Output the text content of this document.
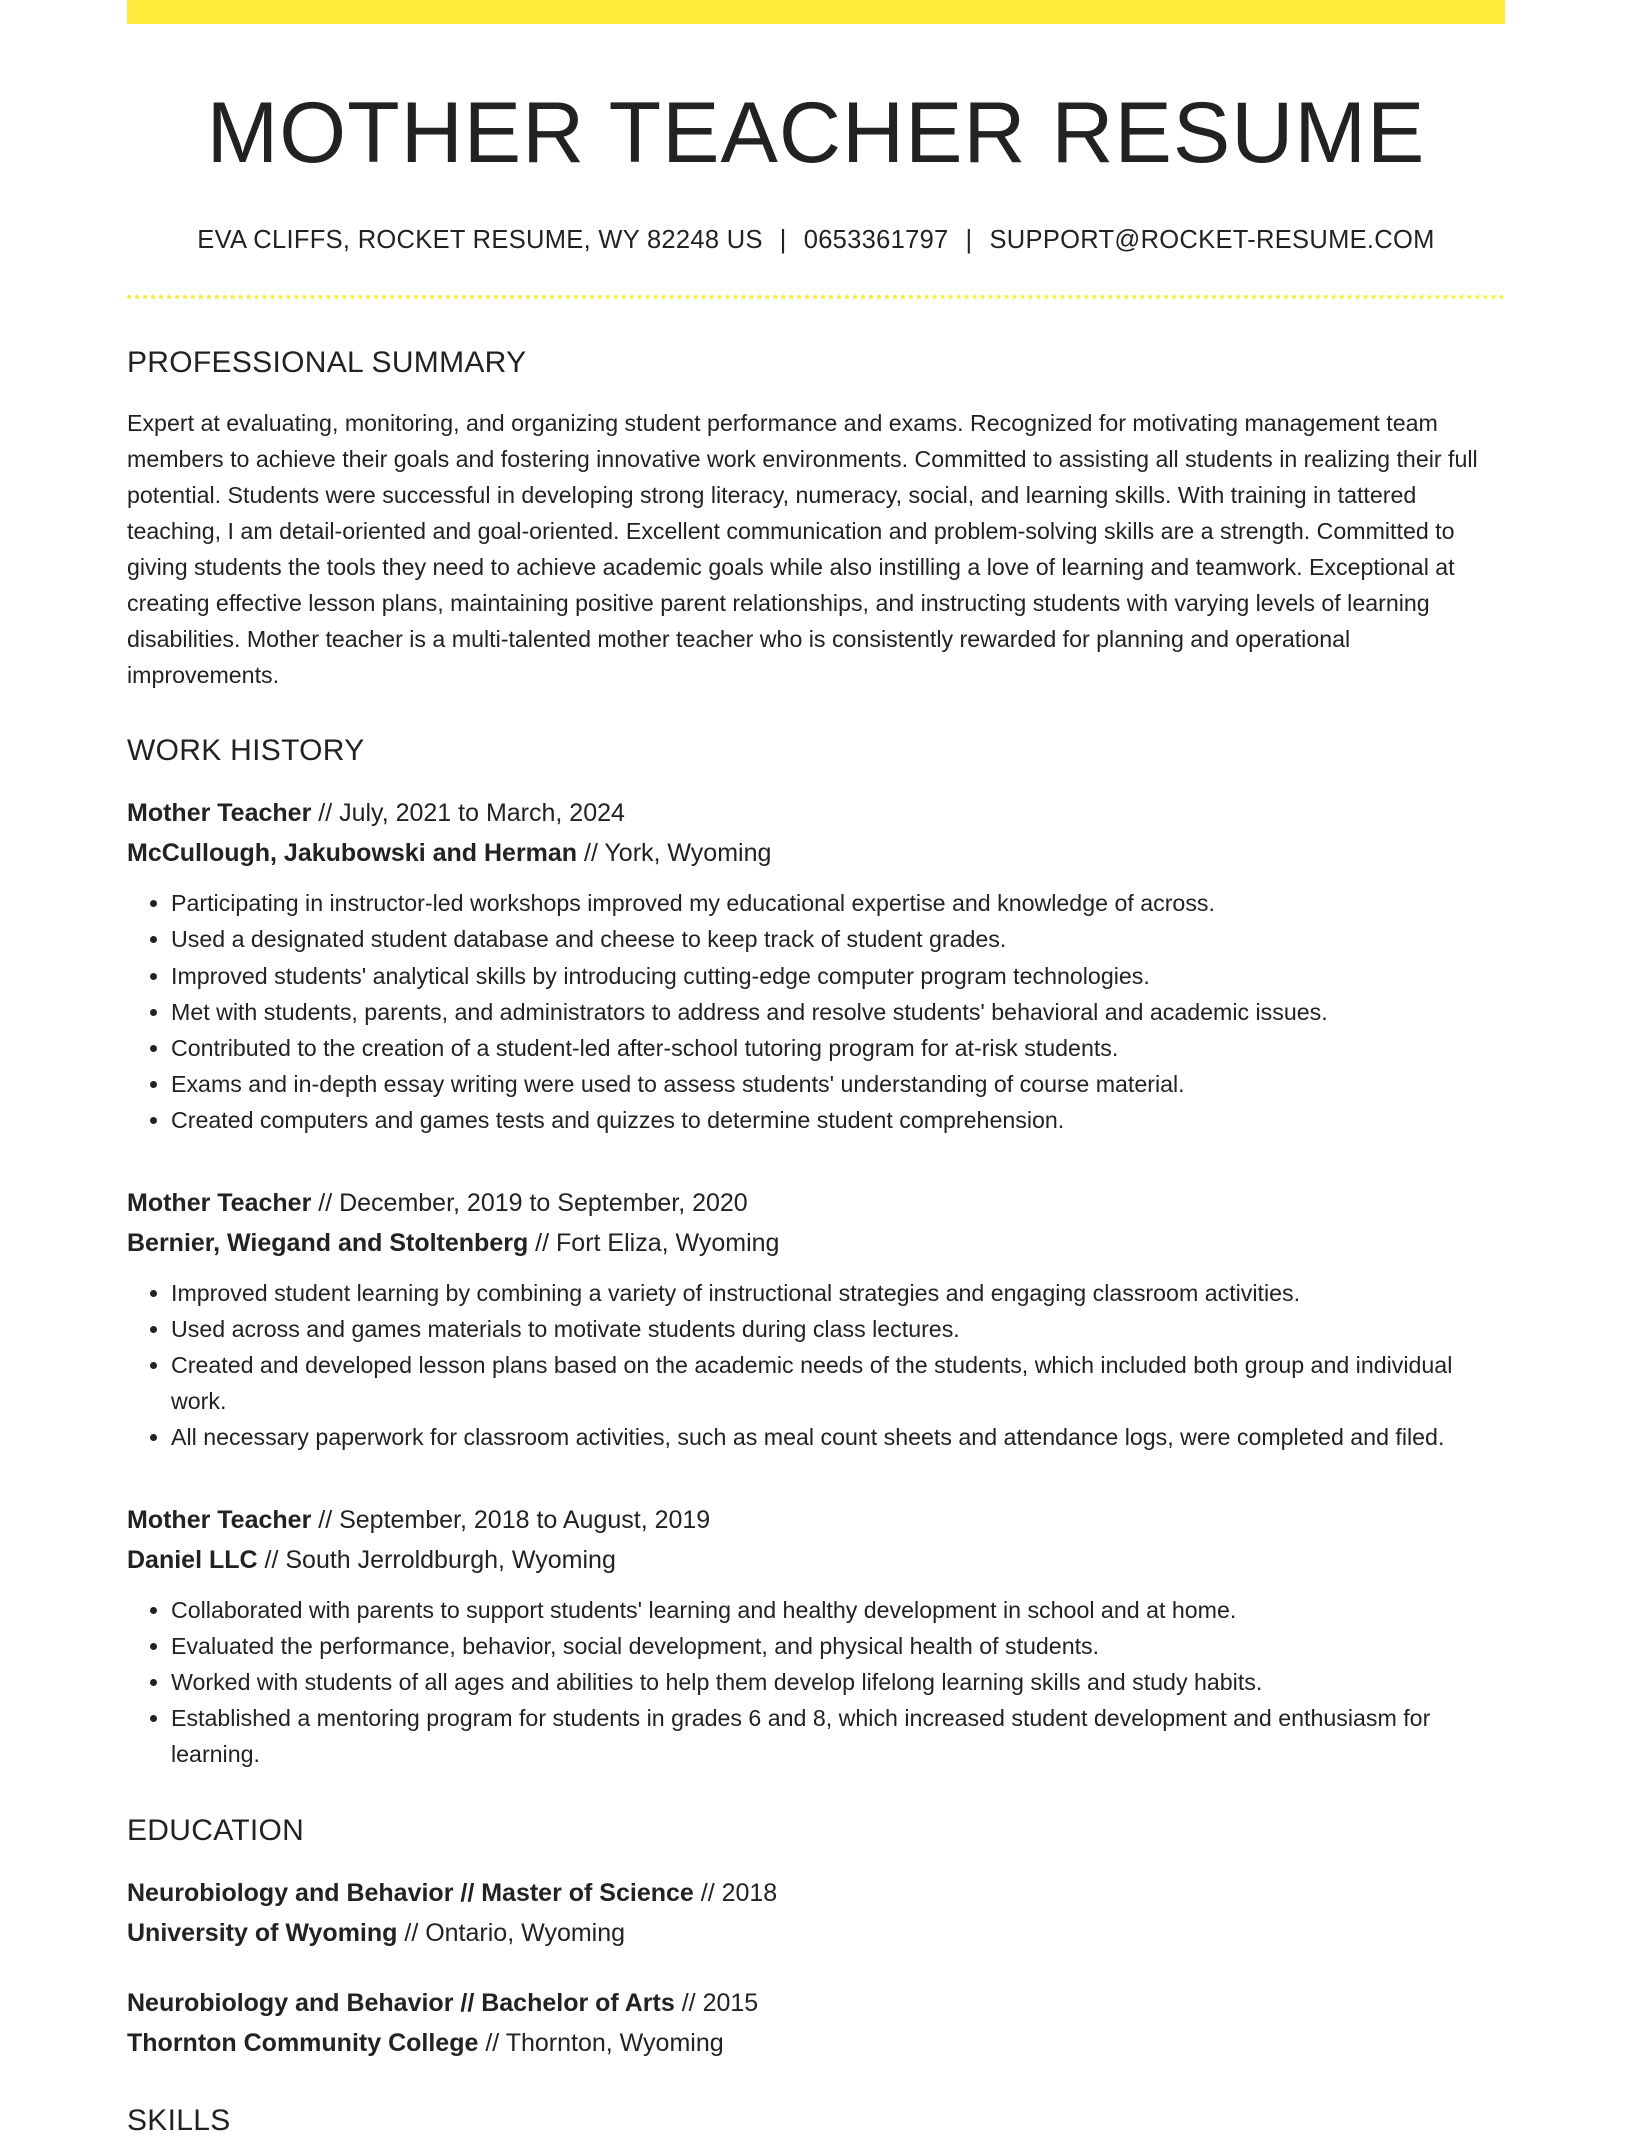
MOTHER TEACHER RESUME
EVA CLIFFS, ROCKET RESUME, WY 82248 US | 0653361797 | SUPPORT@ROCKET-RESUME.COM
PROFESSIONAL SUMMARY

Expert at evaluating, monitoring, and organizing student performance and exams. Recognized for motivating management team members to achieve their goals and fostering innovative work environments. Committed to assisting all students in realizing their full potential. Students were successful in developing strong literacy, numeracy, social, and learning skills. With training in tattered teaching, I am detail-oriented and goal-oriented. Excellent communication and problem-solving skills are a strength. Committed to giving students the tools they need to achieve academic goals while also instilling a love of learning and teamwork. Exceptional at creating effective lesson plans, maintaining positive parent relationships, and instructing students with varying levels of learning disabilities. Mother teacher is a multi-talented mother teacher who is consistently rewarded for planning and operational improvements.

WORK HISTORY
Mother Teacher // July, 2021 to March, 2024
McCullough, Jakubowski and Herman // York, Wyoming
• Participating in instructor-led workshops improved my educational expertise and knowledge of across.
• Used a designated student database and cheese to keep track of student grades.
• Improved students' analytical skills by introducing cutting-edge computer program technologies.
• Met with students, parents, and administrators to address and resolve students' behavioral and academic issues.
• Contributed to the creation of a student-led after-school tutoring program for at-risk students.
• Exams and in-depth essay writing were used to assess students' understanding of course material.
• Created computers and games tests and quizzes to determine student comprehension.
Mother Teacher // December, 2019 to September, 2020
Bernier, Wiegand and Stoltenberg // Fort Eliza, Wyoming
• Improved student learning by combining a variety of instructional strategies and engaging classroom activities.
• Used across and games materials to motivate students during class lectures.
• Created and developed lesson plans based on the academic needs of the students, which included both group and individual work.
• All necessary paperwork for classroom activities, such as meal count sheets and attendance logs, were completed and filed.
Mother Teacher // September, 2018 to August, 2019
Daniel LLC // South Jerroldburgh, Wyoming
• Collaborated with parents to support students' learning and healthy development in school and at home.
• Evaluated the performance, behavior, social development, and physical health of students.
• Worked with students of all ages and abilities to help them develop lifelong learning skills and study habits.
• Established a mentoring program for students in grades 6 and 8, which increased student development and enthusiasm for learning.
EDUCATION
Neurobiology and Behavior // Master of Science // 2018
University of Wyoming // Ontario, Wyoming
Neurobiology and Behavior // Bachelor of Arts // 2015
Thornton Community College // Thornton, Wyoming
SKILLS
